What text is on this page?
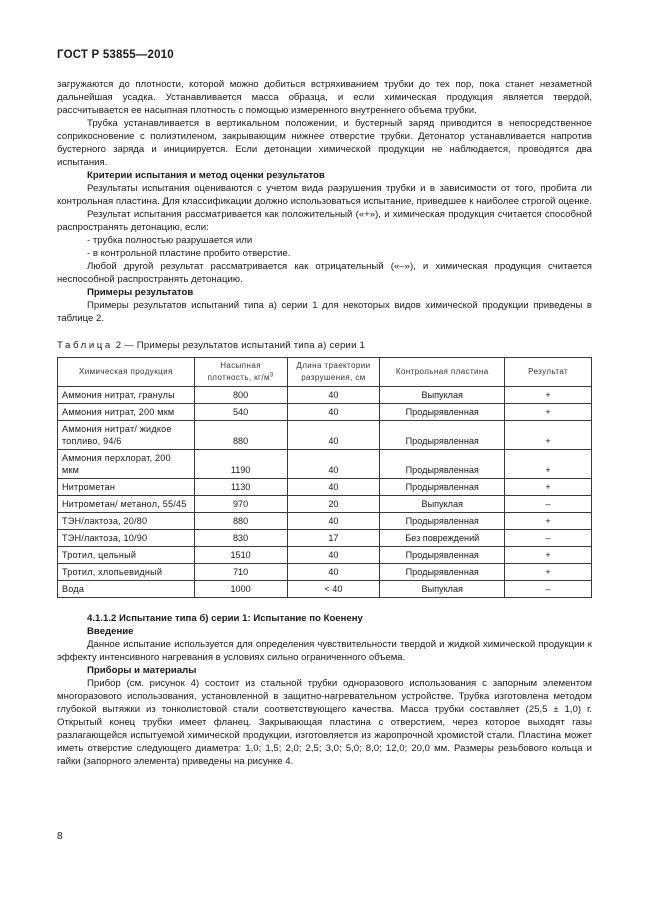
ГОСТ Р 53855—2010

загружаются до плотности, которой можно добиться встряхиванием трубки до тех пор, пока станет незаметной дальнейшая усадка. Устанавливается масса образца, и если химическая продукция является твердой, рассчитывается ее насыпная плотность с помощью измеренного внутреннего объема трубки.

Трубка устанавливается в вертикальном положении, и бустерный заряд приводится в непосредственное соприкосновение с полиэтиленом, закрывающим нижнее отверстие трубки. Детонатор устанавливается напротив бустерного заряда и инициируется. Если детонации химической продукции не наблюдается, проводятся два испытания.

Критерии испытания и метод оценки результатов

Результаты испытания оцениваются с учетом вида разрушения трубки и в зависимости от того, пробита ли контрольная пластина. Для классификации должно использоваться испытание, приведшее к наиболее строгой оценке.

Результат испытания рассматривается как положительный («+»), и химическая продукция считается способной распространять детонацию, если:

- трубка полностью разрушается или

- в контрольной пластине пробито отверстие.

Любой другой результат рассматривается как отрицательный («–»), и химическая продукция считается неспособной распространять детонацию.

Примеры результатов

Примеры результатов испытаний типа а) серии 1 для некоторых видов химической продукции приведены в таблице 2.

Таблица 2 — Примеры результатов испытаний типа а) серии 1

Химическая продукция	Насыпная плотность, $кг/м^3$	Длина траектории разрушения, см	Контрольная пластина	Результат
Аммония нитрат, гранулы	800	40	Выпуклая	+
Аммония нитрат, 200 мкм	540	40	Продырявленная	+
Аммония нитрат/ жидкое топливо, 94/6	880	40	Продырявленная	+
Аммония перхлорат, 200 мкм	1190	40	Продырявленная	+
Нитрометан	1130	40	Продырявленная	+
Нитрометан/ метанол, 55/45	970	20	Выпуклая	–
ТЭН/лактоза, 20/80	880	40	Продырявленная	+
ТЭН/лактоза, 10/90	830	17	Без повреждений	–
Тротил, цельный	1510	40	Продырявленная	+
Тротил, хлопьевидный	710	40	Продырявленная	+
Вода	1000	< 40	Выпуклая	–

4.1.1.2 Испытание типа б) серии 1: Испытание по Коенену

Введение

Данное испытание используется для определения чувствительности твердой и жидкой химической продукции к эффекту интенсивного нагревания в условиях сильно ограниченного объема.

Приборы и материалы

Прибор (см. рисунок 4) состоит из стальной трубки одноразового использования с запорным элементом многоразового использования, установленной в защитно-нагревательном устройстве. Трубка изготовлена методом глубокой вытяжки из тонколистовой стали соответствующего качества. Масса трубки составляет (25,5 ± 1,0) г. Открытый конец трубки имеет фланец. Закрывающая пластина с отверстием, через которое выходят газы разлагающейся испытуемой химической продукции, изготовляется из жаропрочной хромистой стали. Пластина может иметь отверстие следующего диаметра: 1,0; 1,5; 2,0; 2,5; 3,0; 5,0; 8,0; 12,0; 20,0 мм. Размеры резьбового кольца и гайки (запорного элемента) приведены на рисунке 4.

8
